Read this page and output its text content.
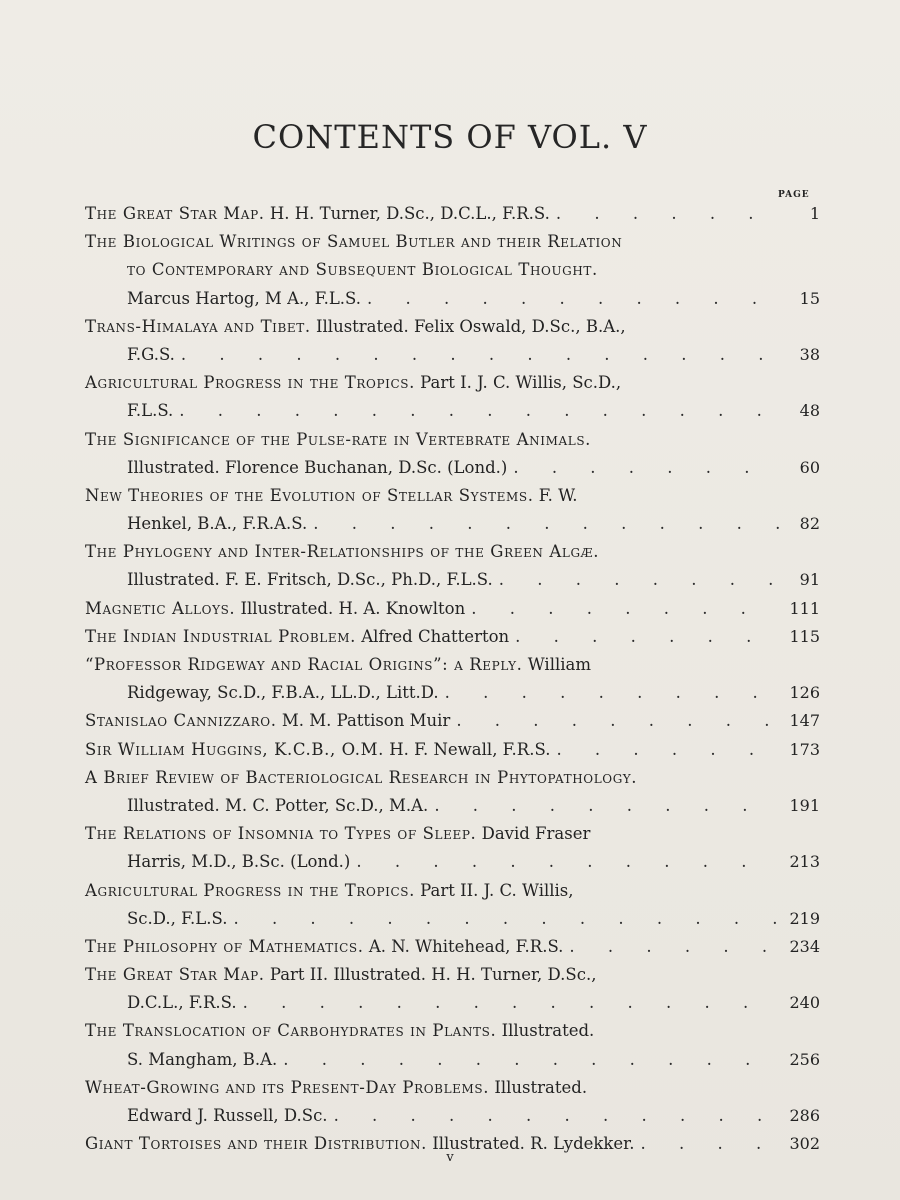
CONTENTS OF VOL. V
PAGE
The Great Star Map. H. H. Turner, D.Sc., D.C.L., F.R.S. . . .	1
The Biological Writings of Samuel Butler and their Relation
to Contemporary and Subsequent Biological Thought.
Marcus Hartog, M A., F.L.S. . . .	15
Trans-Himalaya and Tibet. Illustrated. Felix Oswald, D.Sc., B.A.,
F.G.S. . . .	38
Agricultural Progress in the Tropics. Part I. J. C. Willis, Sc.D.,
F.L.S. . . .	48
The Significance of the Pulse-rate in Vertebrate Animals.
Illustrated. Florence Buchanan, D.Sc. (Lond.) . . .	60
New Theories of the Evolution of Stellar Systems. F. W.
Henkel, B.A., F.R.A.S. . . .	82
The Phylogeny and Inter-Relationships of the Green Algæ.
Illustrated. F. E. Fritsch, D.Sc., Ph.D., F.L.S. . . .	91
Magnetic Alloys. Illustrated. H. A. Knowlton . . .	111
The Indian Industrial Problem. Alfred Chatterton . . .	115
“Professor Ridgeway and Racial Origins”: a Reply. William
Ridgeway, Sc.D., F.B.A., LL.D., Litt.D. . . .	126
Stanislao Cannizzaro. M. M. Pattison Muir . . .	147
Sir William Huggins, K.C.B., O.M. H. F. Newall, F.R.S. . . .	173
A Brief Review of Bacteriological Research in Phytopathology.
Illustrated. M. C. Potter, Sc.D., M.A. . . .	191
The Relations of Insomnia to Types of Sleep. David Fraser
Harris, M.D., B.Sc. (Lond.) . . .	213
Agricultural Progress in the Tropics. Part II. J. C. Willis,
Sc.D., F.L.S. . . .	219
The Philosophy of Mathematics. A. N. Whitehead, F.R.S. . . .	234
The Great Star Map. Part II. Illustrated. H. H. Turner, D.Sc.,
D.C.L., F.R.S. . . .	240
The Translocation of Carbohydrates in Plants. Illustrated.
S. Mangham, B.A. . . .	256
Wheat-Growing and its Present-Day Problems. Illustrated.
Edward J. Russell, D.Sc. . . .	286
Giant Tortoises and their Distribution. Illustrated. R. Lydekker. . . .	302
v
